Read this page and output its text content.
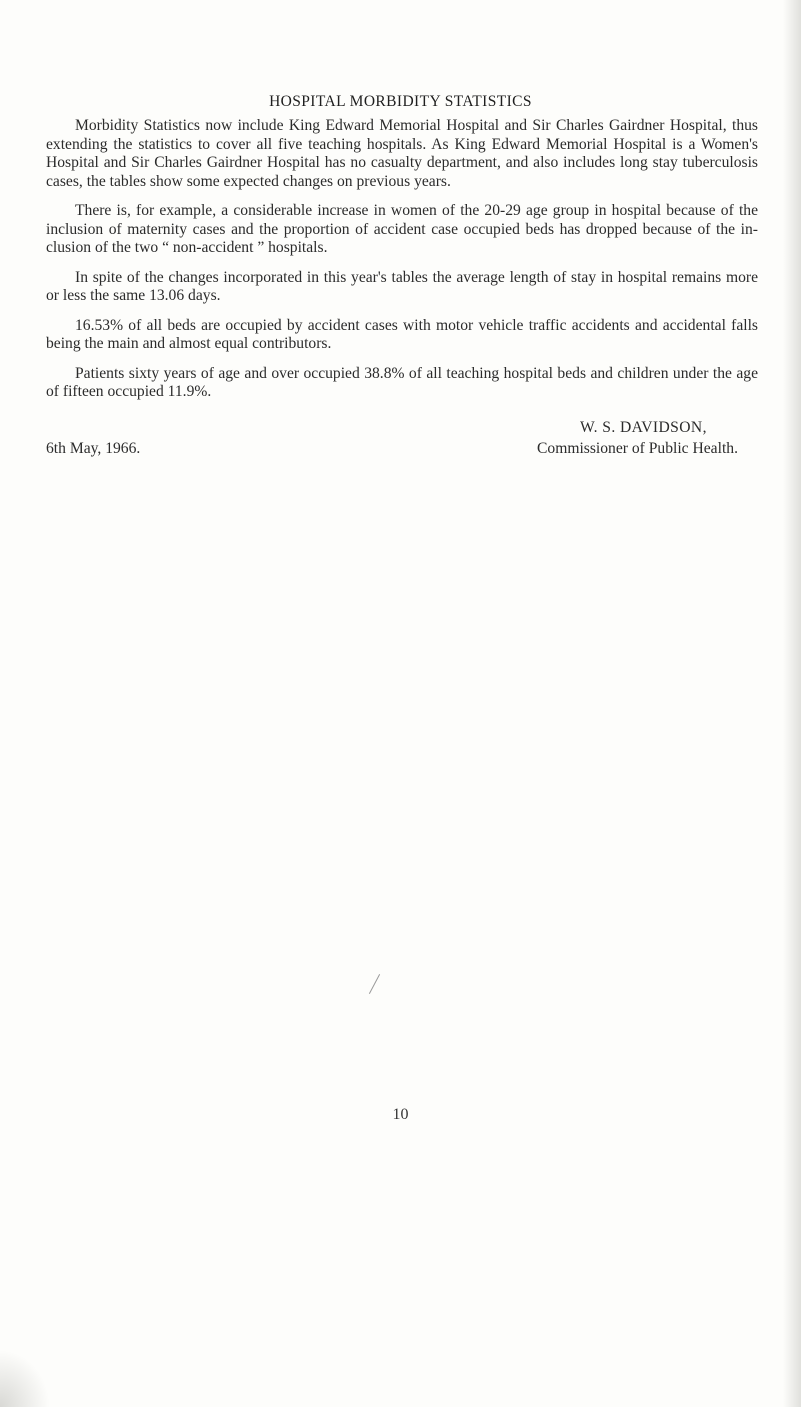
HOSPITAL MORBIDITY STATISTICS

Morbidity Statistics now include King Edward Memorial Hospital and Sir Charles Gairdner Hospital, thus extending the statistics to cover all five teaching hospitals. As King Edward Memorial Hospital is a Women's Hospital and Sir Charles Gairdner Hospital has no casualty department, and also includes long stay tuberculosis cases, the tables show some expected changes on previous years.

There is, for example, a considerable increase in women of the 20-29 age group in hospital because of the inclusion of maternity cases and the proportion of accident case occupied beds has dropped because of the in- clusion of the two “ non-accident ” hospitals.

In spite of the changes incorporated in this year's tables the average length of stay in hospital remains more or less the same 13.06 days.

16.53% of all beds are occupied by accident cases with motor vehicle traffic accidents and accidental falls being the main and almost equal contributors.

Patients sixty years of age and over occupied 38.8% of all teaching hospital beds and children under the age of fifteen occupied 11.9%.

W. S. DAVIDSON,
6th May, 1966.	Commissioner of Public Health.
10
